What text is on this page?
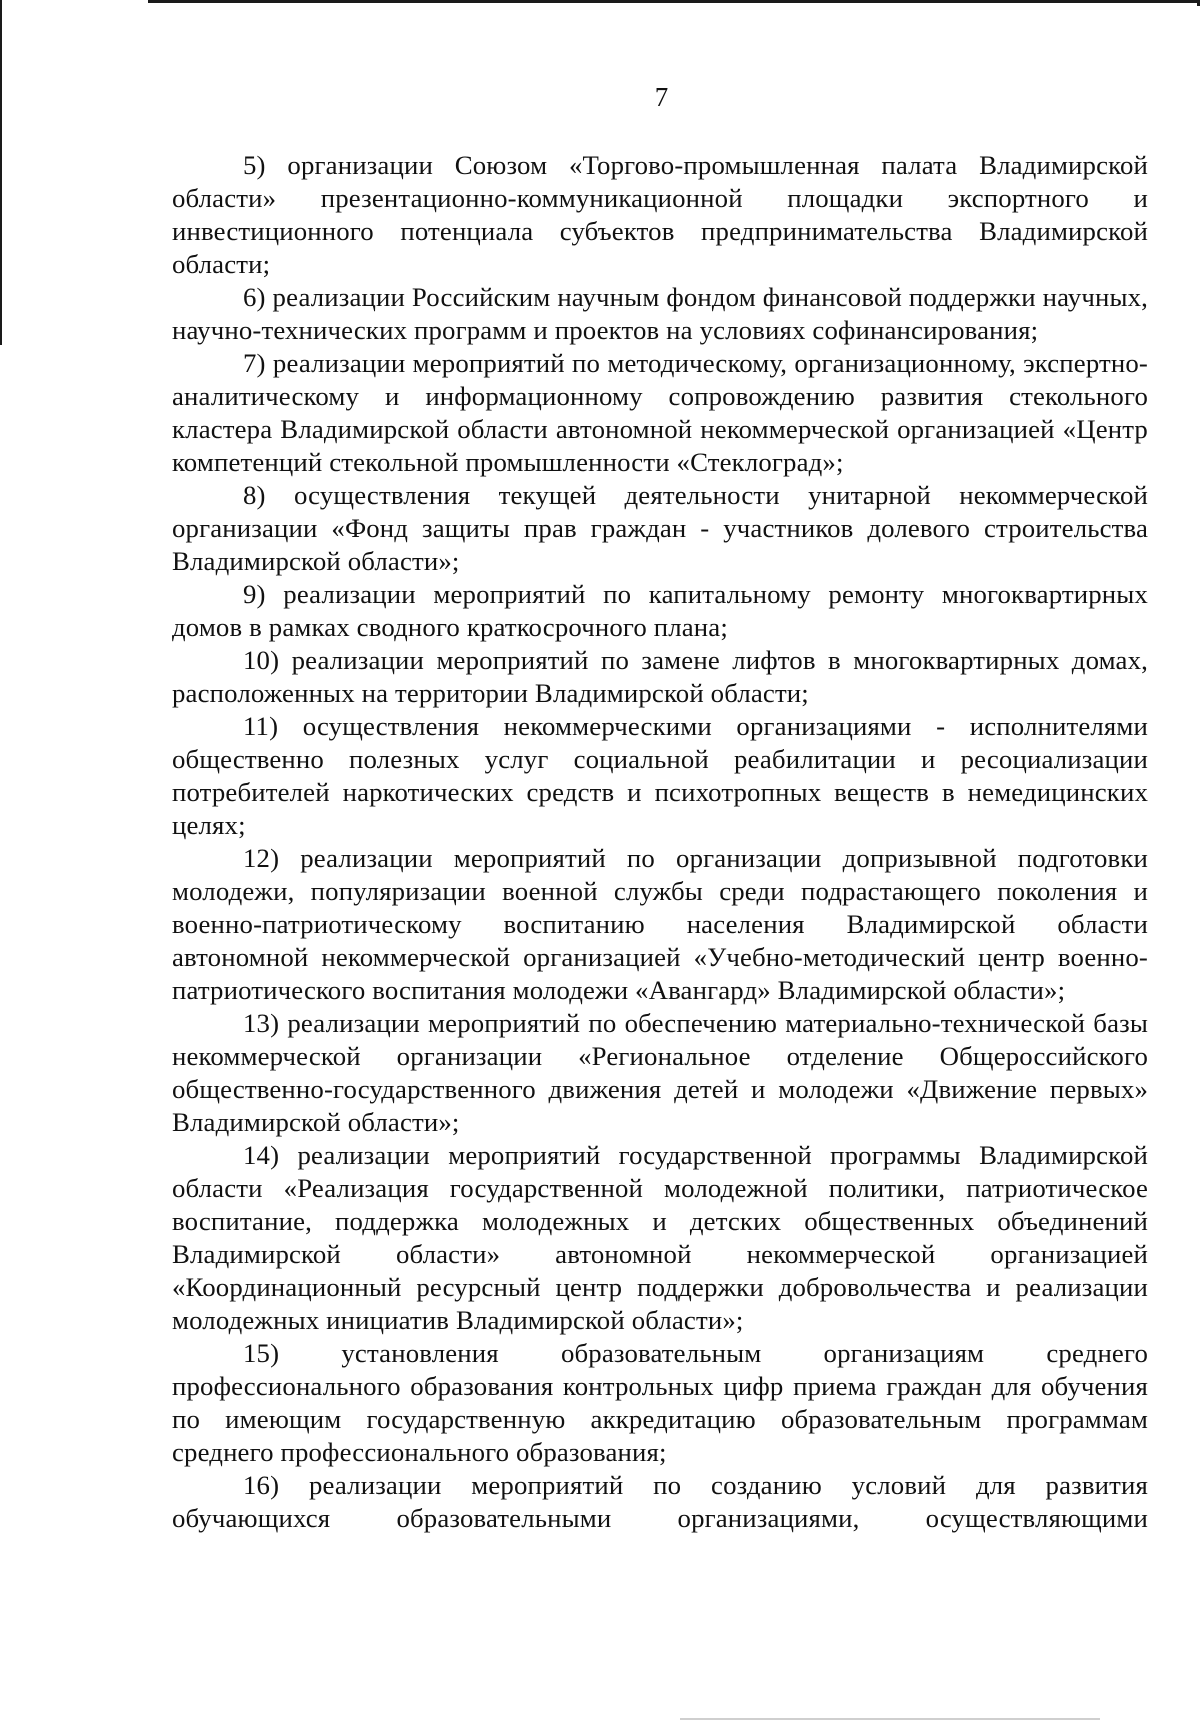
7

5) организации Союзом «Торгово-промышленная палата Владимирской области» презентационно-коммуникационной площадки экспортного и инвестиционного потенциала субъектов предпринимательства Владимирской области;

6) реализации Российским научным фондом финансовой поддержки научных, научно-технических программ и проектов на условиях софинансирования;

7) реализации мероприятий по методическому, организационному, экспертно-аналитическому и информационному сопровождению развития стекольного кластера Владимирской области автономной некоммерческой организацией «Центр компетенций стекольной промышленности «Стеклоград»;

8) осуществления текущей деятельности унитарной некоммерческой организации «Фонд защиты прав граждан - участников долевого строительства Владимирской области»;

9) реализации мероприятий по капитальному ремонту многоквартирных домов в рамках сводного краткосрочного плана;

10) реализации мероприятий по замене лифтов в многоквартирных домах, расположенных на территории Владимирской области;

11) осуществления некоммерческими организациями - исполнителями общественно полезных услуг социальной реабилитации и ресоциализации потребителей наркотических средств и психотропных веществ в немедицинских целях;

12) реализации мероприятий по организации допризывной подготовки молодежи, популяризации военной службы среди подрастающего поколения и военно-патриотическому воспитанию населения Владимирской области автономной некоммерческой организацией «Учебно-методический центр военно-патриотического воспитания молодежи «Авангард» Владимирской области»;

13) реализации мероприятий по обеспечению материально-технической базы некоммерческой организации «Региональное отделение Общероссийского общественно-государственного движения детей и молодежи «Движение первых» Владимирской области»;

14) реализации мероприятий государственной программы Владимирской области «Реализация государственной молодежной политики, патриотическое воспитание, поддержка молодежных и детских общественных объединений Владимирской области» автономной некоммерческой организацией «Координационный ресурсный центр поддержки добровольчества и реализации молодежных инициатив Владимирской области»;

15) установления образовательным организациям среднего профессионального образования контрольных цифр приема граждан для обучения по имеющим государственную аккредитацию образовательным программам среднего профессионального образования;

16) реализации мероприятий по созданию условий для развития обучающихся образовательными организациями, осуществляющими
